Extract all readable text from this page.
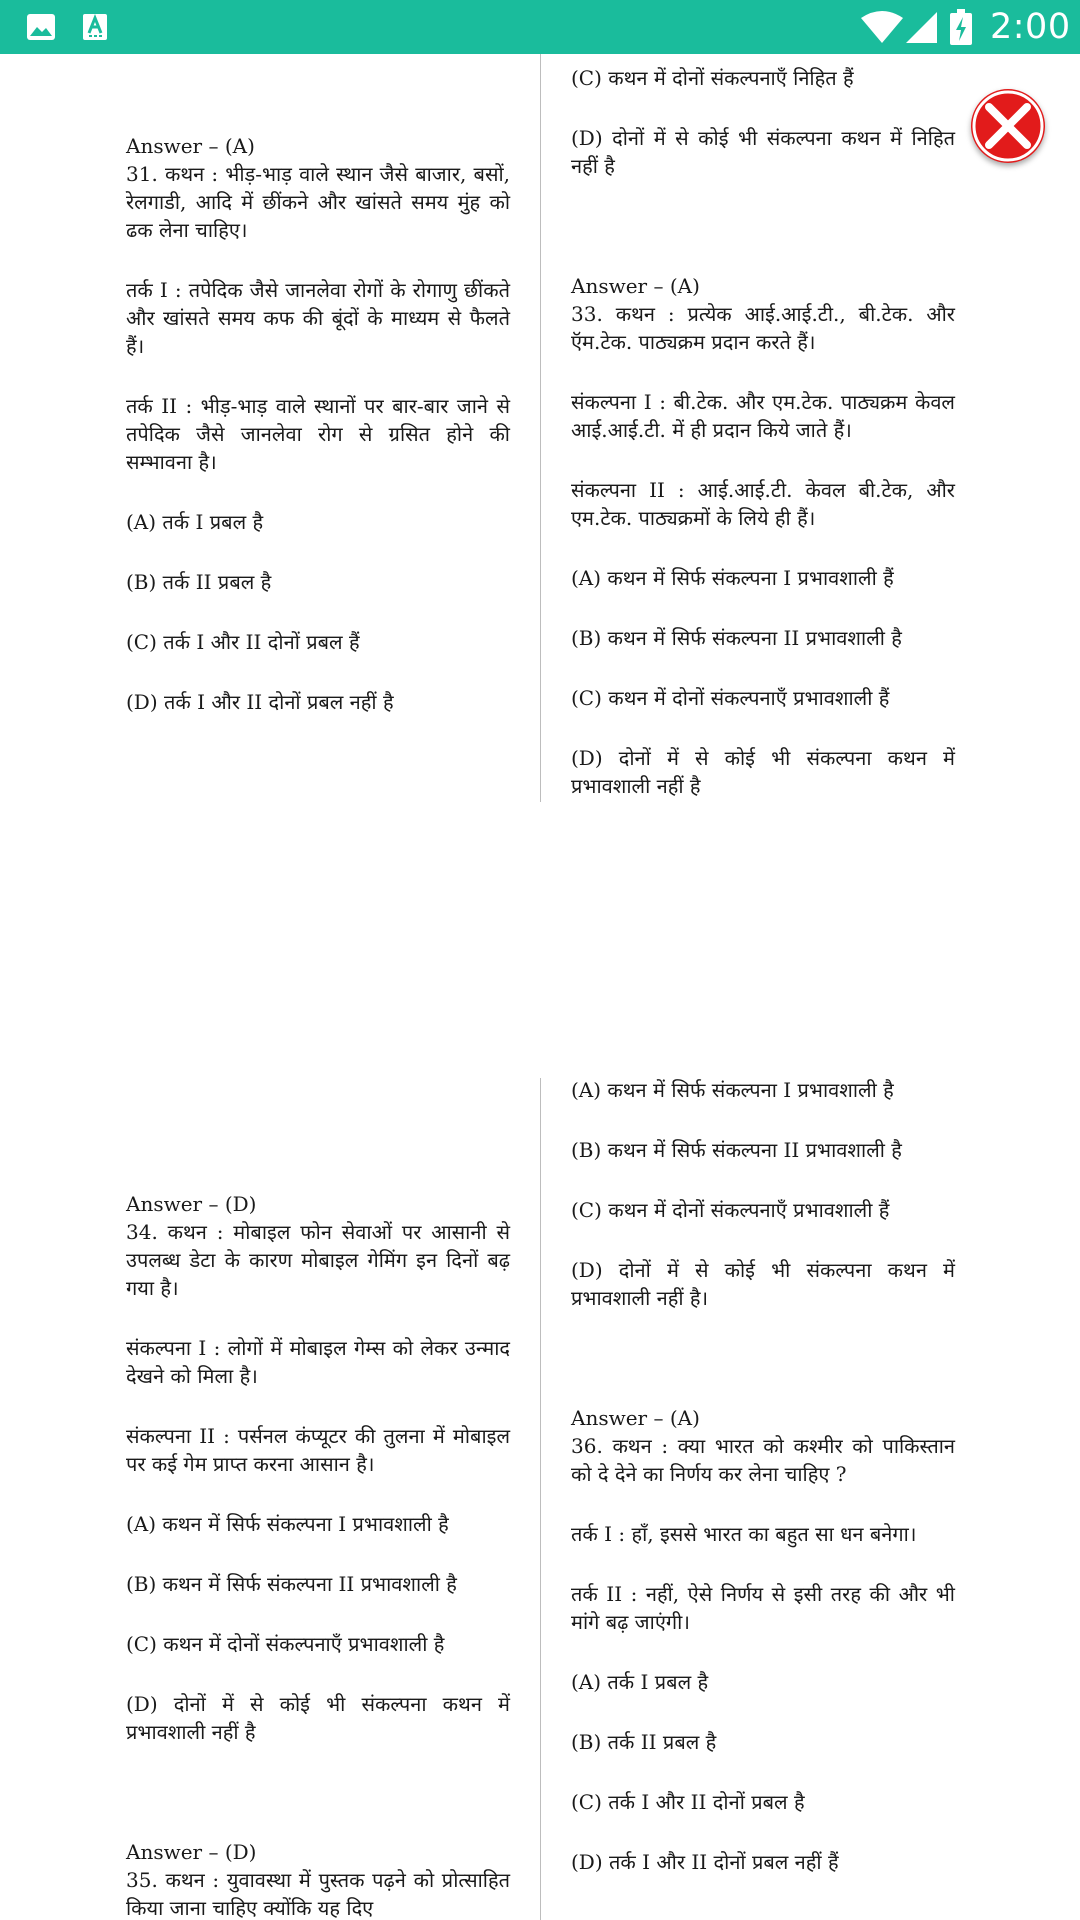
2:00

Answer – (A)

31. कथन : भीड़-भाड़ वाले स्थान जैसे बाजार, बसों, रेलगाडी, आदि में छींकने और खांसते समय मुंह को ढक लेना चाहिए।

तर्क I : तपेदिक जैसे जानलेवा रोगों के रोगाणु छींकते और खांसते समय कफ की बूंदों के माध्यम से फैलते हैं।

तर्क II : भीड़-भाड़ वाले स्थानों पर बार-बार जाने से तपेदिक जैसे जानलेवा रोग से ग्रसित होने की सम्भावना है।

(A) तर्क I प्रबल है

(B) तर्क II प्रबल है

(C) तर्क I और II दोनों प्रबल हैं

(D) तर्क I और II दोनों प्रबल नहीं है

(C) कथन में दोनों संकल्पनाएँ निहित हैं

(D) दोनों में से कोई भी संकल्पना कथन में निहित नहीं है

Answer – (A)

33. कथन : प्रत्येक आई.आई.टी., बी.टेक. और ऍम.टेक. पाठ्यक्रम प्रदान करते हैं।

संकल्पना I : बी.टेक. और एम.टेक. पाठ्यक्रम केवल आई.आई.टी. में ही प्रदान किये जाते हैं।

संकल्पना II : आई.आई.टी. केवल बी.टेक, और एम.टेक. पाठ्यक्रमों के लिये ही हैं।

(A) कथन में सिर्फ संकल्पना I प्रभावशाली हैं

(B) कथन में सिर्फ संकल्पना II प्रभावशाली है

(C) कथन में दोनों संकल्पनाएँ प्रभावशाली हैं

(D) दोनों में से कोई भी संकल्पना कथन में प्रभावशाली नहीं है

Answer – (D)

34. कथन : मोबाइल फोन सेवाओं पर आसानी से उपलब्ध डेटा के कारण मोबाइल गेमिंग इन दिनों बढ़ गया है।

संकल्पना I : लोगों में मोबाइल गेम्स को लेकर उन्माद देखने को मिला है।

संकल्पना II : पर्सनल कंप्यूटर की तुलना में मोबाइल पर कई गेम प्राप्त करना आसान है।

(A) कथन में सिर्फ संकल्पना I प्रभावशाली है

(B) कथन में सिर्फ संकल्पना II प्रभावशाली है

(C) कथन में दोनों संकल्पनाएँ प्रभावशाली है

(D) दोनों में से कोई भी संकल्पना कथन में प्रभावशाली नहीं है

Answer – (D)

35. कथन : युवावस्था में पुस्तक पढ़ने को प्रोत्साहित किया जाना चाहिए क्योंकि यह दिए

(A) कथन में सिर्फ संकल्पना I प्रभावशाली है

(B) कथन में सिर्फ संकल्पना II प्रभावशाली है

(C) कथन में दोनों संकल्पनाएँ प्रभावशाली हैं

(D) दोनों में से कोई भी संकल्पना कथन में प्रभावशाली नहीं है।

Answer – (A)

36. कथन : क्या भारत को कश्मीर को पाकिस्तान को दे देने का निर्णय कर लेना चाहिए ?

तर्क I : हाँ, इससे भारत का बहुत सा धन बनेगा।

तर्क II : नहीं, ऐसे निर्णय से इसी तरह की और भी मांगे बढ़ जाएंगी।

(A) तर्क I प्रबल है

(B) तर्क II प्रबल है

(C) तर्क I और II दोनों प्रबल है

(D) तर्क I और II दोनों प्रबल नहीं हैं
